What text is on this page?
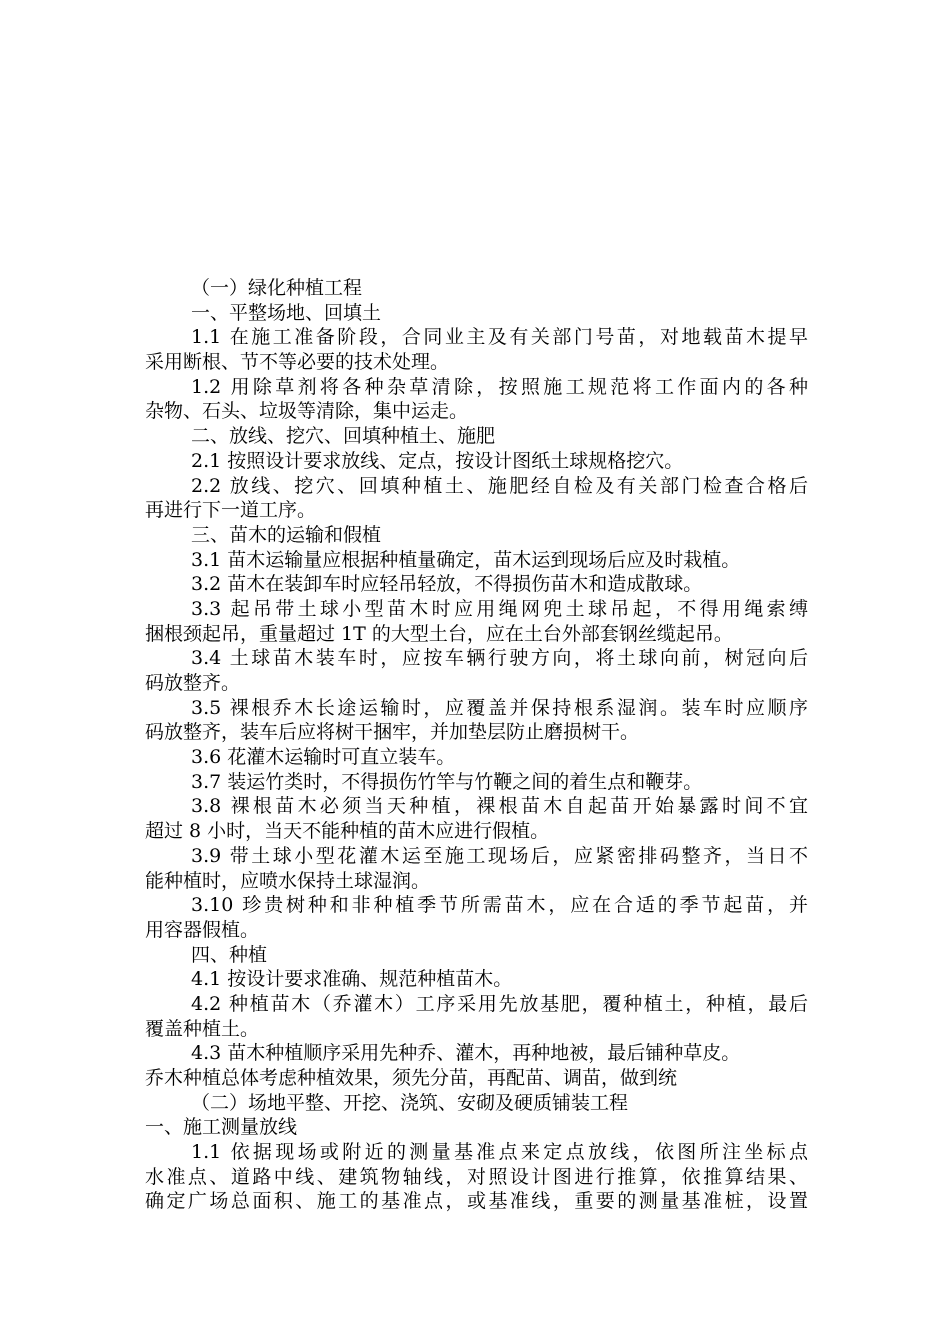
（一）绿化种植工程
一、平整场地、回填土
1.1 在施工准备阶段，合同业主及有关部门号苗，对地载苗木提早
采用断根、节不等必要的技术处理。
1.2 用除草剂将各种杂草清除，按照施工规范将工作面内的各种
杂物、石头、垃圾等清除，集中运走。
二、放线、挖穴、回填种植土、施肥
2.1 按照设计要求放线、定点，按设计图纸土球规格挖穴。
2.2 放线、挖穴、回填种植土、施肥经自检及有关部门检查合格后
再进行下一道工序。
三、苗木的运输和假植
3.1 苗木运输量应根据种植量确定，苗木运到现场后应及时栽植。
3.2 苗木在装卸车时应轻吊轻放，不得损伤苗木和造成散球。
3.3 起吊带土球小型苗木时应用绳网兜土球吊起，不得用绳索缚
捆根颈起吊，重量超过 1T 的大型土台，应在土台外部套钢丝缆起吊。
3.4 土球苗木装车时，应按车辆行驶方向，将土球向前，树冠向后
码放整齐。
3.5 裸根乔木长途运输时，应覆盖并保持根系湿润。装车时应顺序
码放整齐，装车后应将树干捆牢，并加垫层防止磨损树干。
3.6 花灌木运输时可直立装车。
3.7 装运竹类时，不得损伤竹竿与竹鞭之间的着生点和鞭芽。
3.8 裸根苗木必须当天种植，裸根苗木自起苗开始暴露时间不宜
超过 8 小时，当天不能种植的苗木应进行假植。
3.9 带土球小型花灌木运至施工现场后，应紧密排码整齐，当日不
能种植时，应喷水保持土球湿润。
3.10 珍贵树种和非种植季节所需苗木，应在合适的季节起苗，并
用容器假植。
四、种植
4.1 按设计要求准确、规范种植苗木。
4.2 种植苗木（乔灌木）工序采用先放基肥，覆种植土，种植，最后
覆盖种植土。
4.3 苗木种植顺序采用先种乔、灌木，再种地被，最后铺种草皮。
乔木种植总体考虑种植效果，须先分苗，再配苗、调苗，做到统
（二）场地平整、开挖、浇筑、安砌及硬质铺装工程
一、施工测量放线
1.1 依据现场或附近的测量基准点来定点放线，依图所注坐标点
水准点、道路中线、建筑物轴线，对照设计图进行推算，依推算结果、
确定广场总面积、施工的基准点，或基准线，重要的测量基准桩，设置
